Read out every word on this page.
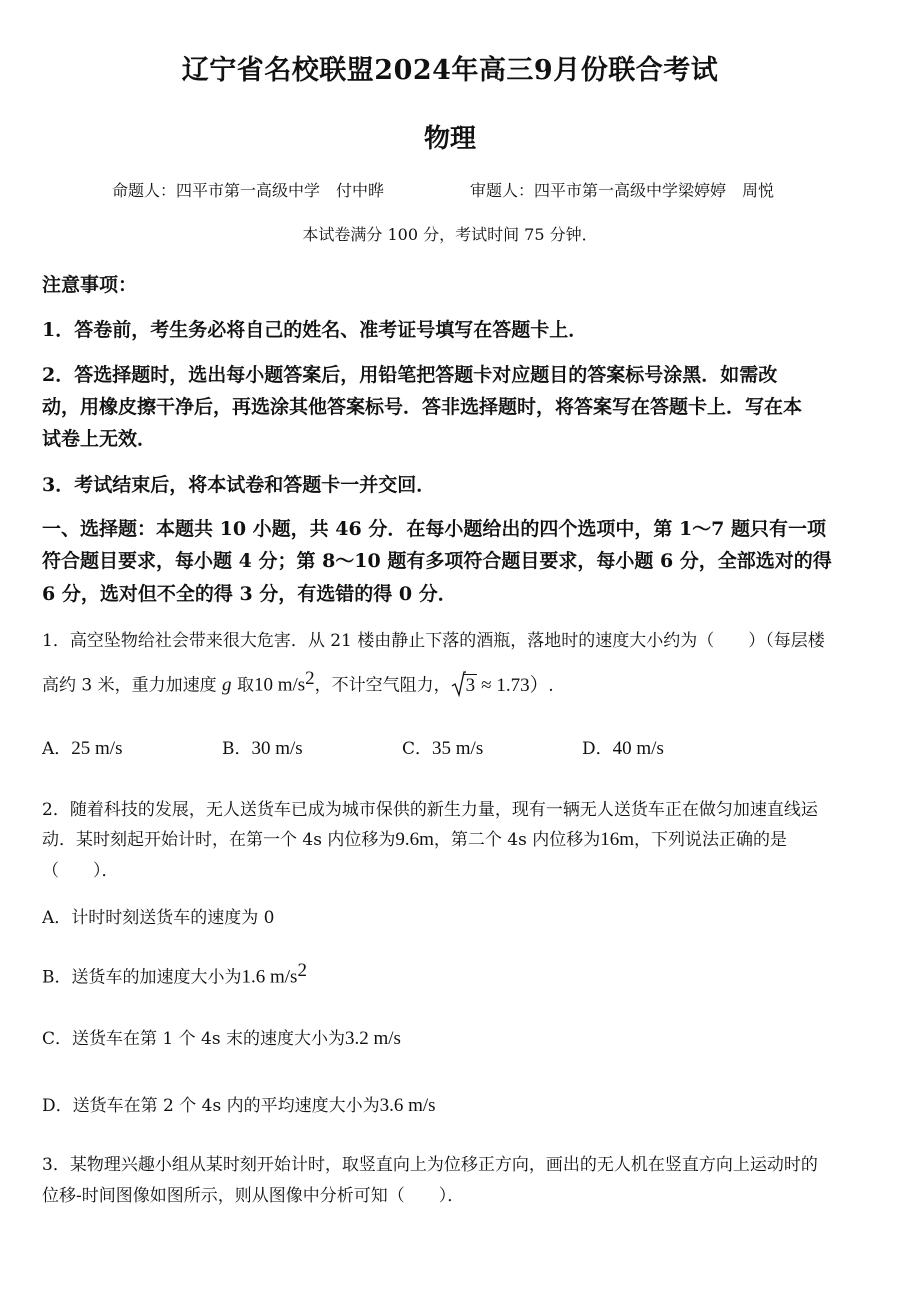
辽宁省名校联盟2024年高三9月份联合考试
物理
命题人：四平市第一高级中学　付中晔	审题人：四平市第一高级中学梁婷婷　周悦
本试卷满分 100 分，考试时间 75 分钟．
注意事项：
1．答卷前，考生务必将自己的姓名、准考证号填写在答题卡上．
2．答选择题时，选出每小题答案后，用铅笔把答题卡对应题目的答案标号涂黑．如需改
动，用橡皮擦干净后，再选涂其他答案标号．答非选择题时，将答案写在答题卡上．写在本
试卷上无效．
3．考试结束后，将本试卷和答题卡一并交回．
一、选择题：本题共 10 小题，共 46 分．在每小题给出的四个选项中，第 1～7 题只有一项
符合题目要求，每小题 4 分；第 8～10 题有多项符合题目要求，每小题 6 分，全部选对的得
6 分，选对但不全的得 3 分，有选错的得 0 分．
1．高空坠物给社会带来很大危害．从 21 楼由静止下落的酒瓶，落地时的速度大小约为（　　）（每层楼
高约 3 米，重力加速度 g 取10 $m/s^2$，不计空气阻力， 3 ≈ 1.73）.
A．25 m/s	B．30 m/s	C．35 m/s	D．40 m/s
2．随着科技的发展，无人送货车已成为城市保供的新生力量，现有一辆无人送货车正在做匀加速直线运
动．某时刻起开始计时，在第一个 4s 内位移为9.6m，第二个 4s 内位移为16m，下列说法正确的是
（　　）．
A．计时时刻送货车的速度为 0
B．送货车的加速度大小为1.6 $m/s^2$
C．送货车在第 1 个 4s 末的速度大小为3.2 m/s
D．送货车在第 2 个 4s 内的平均速度大小为3.6 m/s
3．某物理兴趣小组从某时刻开始计时，取竖直向上为位移正方向，画出的无人机在竖直方向上运动时的
位移-时间图像如图所示，则从图像中分析可知（　　）．
